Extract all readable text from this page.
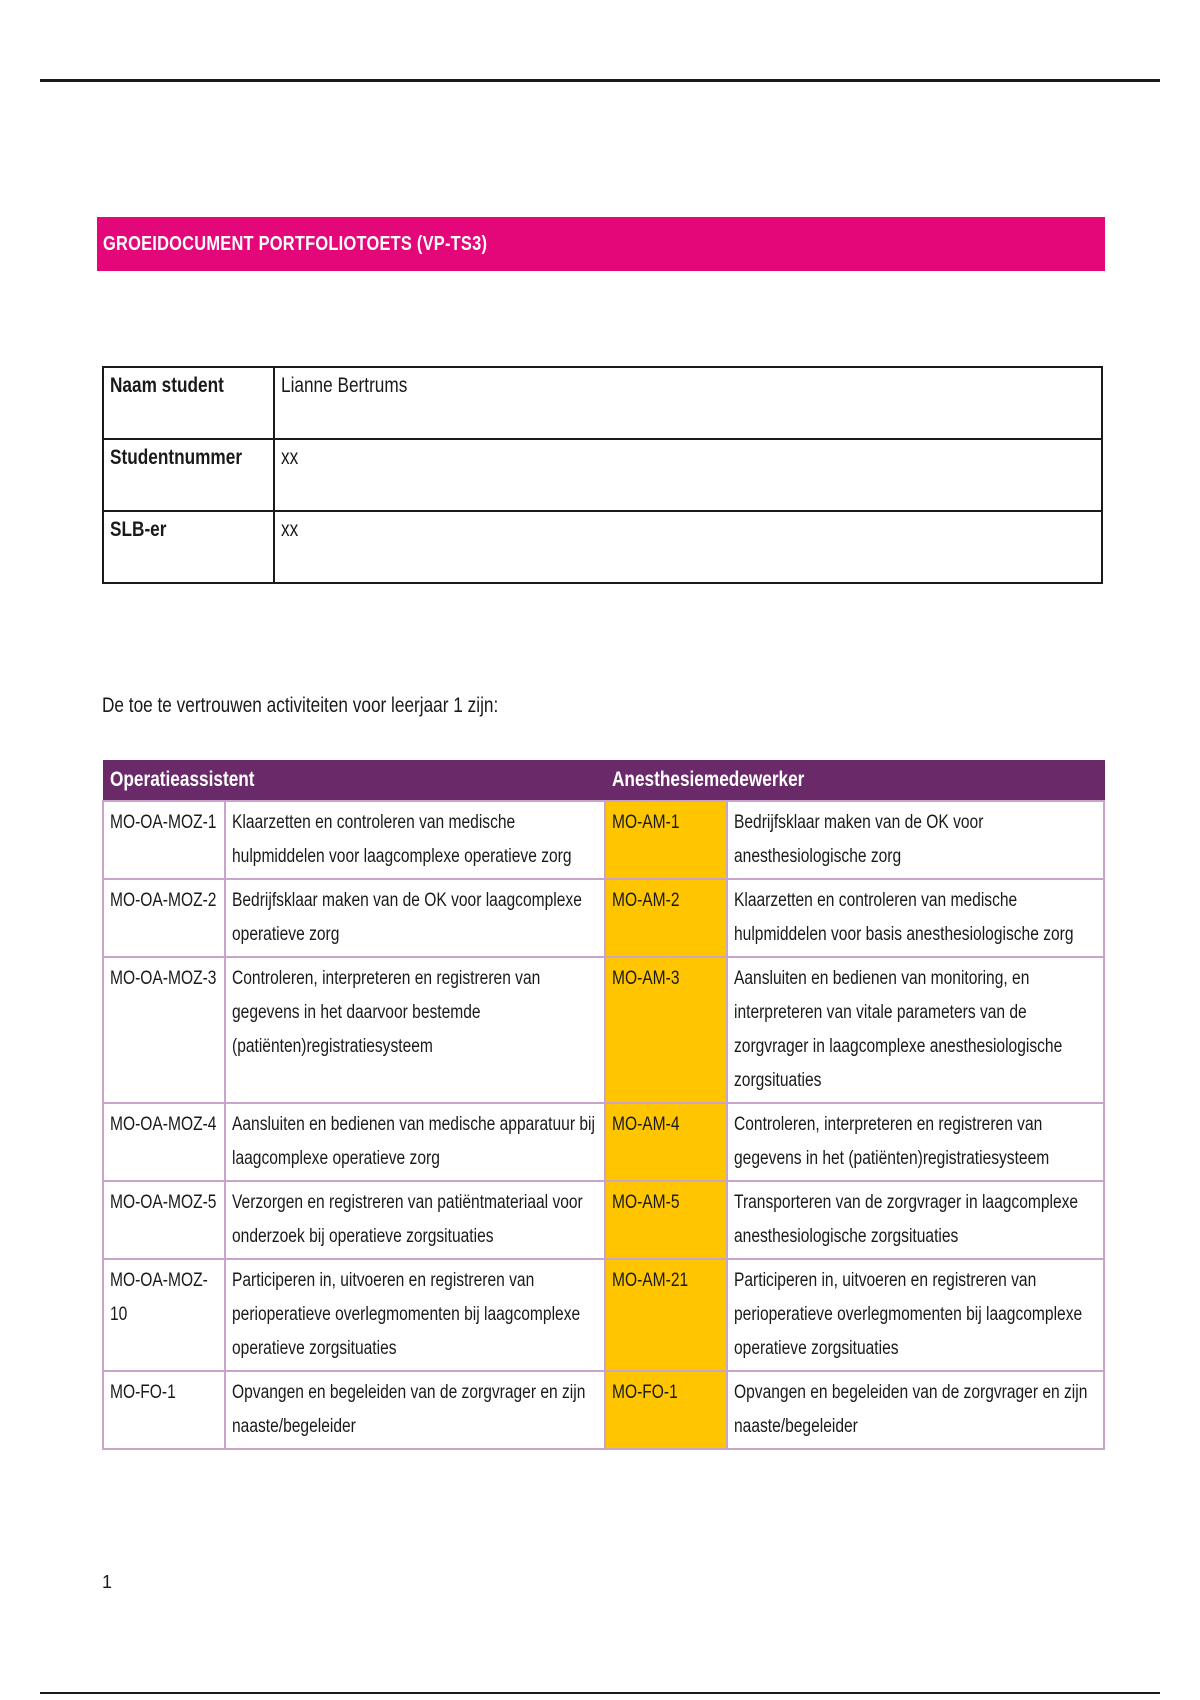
GROEIDOCUMENT PORTFOLIOTOETS (VP-TS3)
Naam student	Lianne Bertrums
Studentnummer	xx
SLB-er	xx
De toe te vertrouwen activiteiten voor leerjaar 1 zijn:
Operatieassistent		Anesthesiemedewerker	

MO-OA-MOZ-1	Klaarzetten en controleren van medische hulpmiddelen voor laagcomplexe operatieve zorg	MO-AM-1	Bedrijfsklaar maken van de OK voor anesthesiologische zorg

MO-OA-MOZ-2	Bedrijfsklaar maken van de OK voor laagcomplexe operatieve zorg	MO-AM-2	Klaarzetten en controleren van medische hulpmiddelen voor basis anesthesiologische zorg

MO-OA-MOZ-3	Controleren, interpreteren en registreren van gegevens in het daarvoor bestemde (patiënten)registratiesysteem	MO-AM-3	Aansluiten en bedienen van monitoring, en interpreteren van vitale parameters van de zorgvrager in laagcomplexe anesthesiologische zorgsituaties

MO-OA-MOZ-4	Aansluiten en bedienen van medische apparatuur bij laagcomplexe operatieve zorg	MO-AM-4	Controleren, interpreteren en registreren van gegevens in het (patiënten)registratiesysteem

MO-OA-MOZ-5	Verzorgen en registreren van patiëntmateriaal voor onderzoek bij operatieve zorgsituaties	MO-AM-5	Transporteren van de zorgvrager in laagcomplexe anesthesiologische zorgsituaties

MO-OA-MOZ-10	Participeren in, uitvoeren en registreren van perioperatieve overlegmomenten bij laagcomplexe operatieve zorgsituaties	MO-AM-21	Participeren in, uitvoeren en registreren van perioperatieve overlegmomenten bij laagcomplexe operatieve zorgsituaties

MO-FO-1	Opvangen en begeleiden van de zorgvrager en zijn naaste/begeleider	MO-FO-1	Opvangen en begeleiden van de zorgvrager en zijn naaste/begeleider
1
